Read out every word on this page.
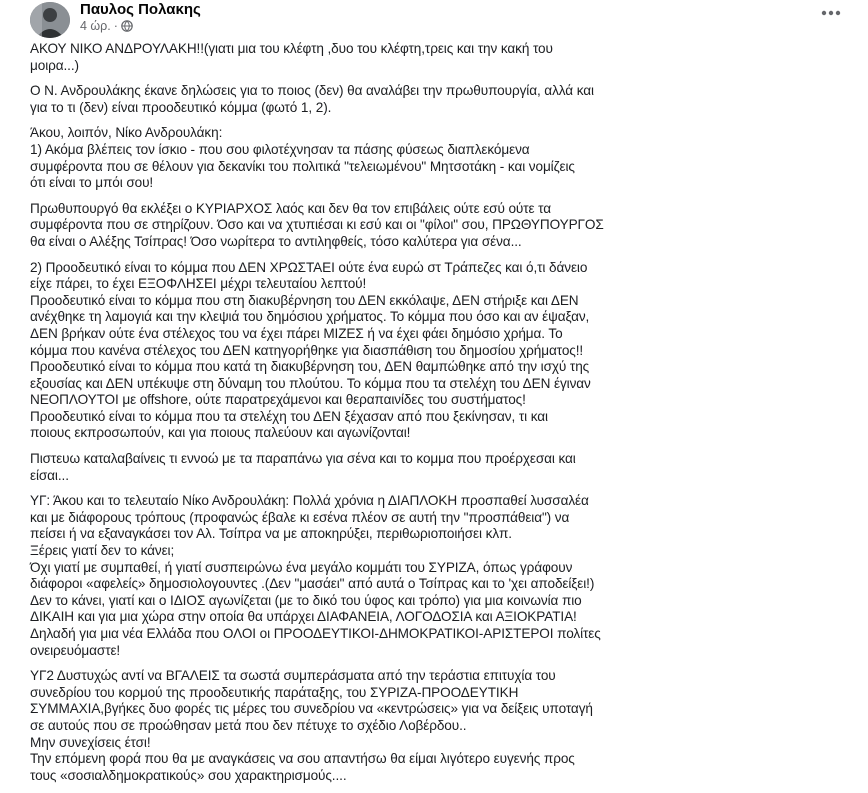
Παυλος Πολακης
4 ώρ. ·

ΑΚΟΥ ΝΙΚΟ ΑΝΔΡΟΥΛΑΚΗ!!(γιατι μια του κλέφτη ,δυο του κλέφτη,τρεις και την κακή του
μοιρα...)

Ο Ν. Ανδρουλάκης έκανε δηλώσεις για το ποιος (δεν) θα αναλάβει την πρωθυπουργία, αλλά και
για το τι (δεν) είναι προοδευτικό κόμμα (φωτό 1, 2).

Άκου, λοιπόν, Νίκο Ανδρουλάκη:
1) Ακόμα βλέπεις τον ίσκιο - που σου φιλοτέχνησαν τα πάσης φύσεως διαπλεκόμενα
συμφέροντα που σε θέλουν για δεκανίκι του πολιτικά "τελειωμένου" Μητσοτάκη - και νομίζεις
ότι είναι το μπόι σου!

Πρωθυπουργό θα εκλέξει ο ΚΥΡΙΑΡΧΟΣ λαός και δεν θα τον επιβάλεις ούτε εσύ ούτε τα
συμφέροντα που σε στηρίζουν. Όσο και να χτυπιέσαι κι εσύ και οι "φίλοι" σου, ΠΡΩΘΥΠΟΥΡΓΟΣ
θα είναι ο Αλέξης Τσίπρας! Όσο νωρίτερα το αντιληφθείς, τόσο καλύτερα για σένα...

2) Προοδευτικό είναι το κόμμα που ΔΕΝ ΧΡΩΣΤΑΕΙ ούτε ένα ευρώ στ Τράπεζες και ό,τι δάνειο
είχε πάρει, το έχει ΕΞΟΦΛΗΣΕΙ μέχρι τελευταίου λεπτού!
Προοδευτικό είναι το κόμμα που στη διακυβέρνηση του ΔΕΝ εκκόλαψε, ΔΕΝ στήριξε και ΔΕΝ
ανέχθηκε τη λαμογιά και την κλεψιά του δημόσιου χρήματος. Το κόμμα που όσο και αν έψαξαν,
ΔΕΝ βρήκαν ούτε ένα στέλεχος του να έχει πάρει ΜΙΖΕΣ ή να έχει φάει δημόσιο χρήμα. Το
κόμμα που κανένα στέλεχος του ΔΕΝ κατηγορήθηκε για διασπάθιση του δημοσίου χρήματος!!
Προοδευτικό είναι το κόμμα που κατά τη διακυβέρνηση του, ΔΕΝ θαμπώθηκε από την ισχύ της
εξουσίας και ΔΕΝ υπέκυψε στη δύναμη του πλούτου. Το κόμμα που τα στελέχη του ΔΕΝ έγιναν
ΝΕΟΠΛΟΥΤΟΙ με offshore, ούτε παρατρεχάμενοι και θεραπαινίδες του συστήματος!
Προοδευτικό είναι το κόμμα που τα στελέχη του ΔΕΝ ξέχασαν από που ξεκίνησαν, τι και
ποιους εκπροσωπούν, και για ποιους παλεύουν και αγωνίζονται!

Πιστευω καταλαβαίνεις τι εννοώ με τα παραπάνω για σένα και το κομμα που προέρχεσαι και
είσαι...

ΥΓ: Άκου και το τελευταίο Νίκο Ανδρουλάκη: Πολλά χρόνια η ΔΙΑΠΛΟΚΗ προσπαθεί λυσσαλέα
και με διάφορους τρόπους (προφανώς έβαλε κι εσένα πλέον σε αυτή την "προσπάθεια") να
πείσει ή να εξαναγκάσει τον Αλ. Τσίπρα να με αποκηρύξει, περιθωριοποιήσει κλπ.
Ξέρεις γιατί δεν το κάνει;
Όχι γιατί με συμπαθεί, ή γιατί συσπειρώνω ένα μεγάλο κομμάτι του ΣΥΡΙΖΑ, όπως γράφουν
διάφοροι «αφελείς» δημοσιολογουντες .(Δεν "μασάει" από αυτά ο Τσίπρας και το 'χει αποδείξει!)
Δεν το κάνει, γιατί και ο ΙΔΙΟΣ αγωνίζεται (με το δικό του ύφος και τρόπο) για μια κοινωνία πιο
ΔΙΚΑΙΗ και για μια χώρα στην οποία θα υπάρχει ΔΙΑΦΑΝΕΙΑ, ΛΟΓΟΔΟΣΙΑ και ΑΞΙΟΚΡΑΤΙΑ!
Δηλαδή για μια νέα Ελλάδα που ΟΛΟΙ οι ΠΡΟΟΔΕΥΤΙΚΟΙ-ΔΗΜΟΚΡΑΤΙΚΟΙ-ΑΡΙΣΤΕΡΟΙ πολίτες
ονειρευόμαστε!

ΥΓ2 Δυστυχώς αντί να ΒΓΑΛΕΙΣ τα σωστά συμπεράσματα από την τεράστια επιτυχία του
συνεδρίου του κορμού της προοδευτικής παράταξης, του ΣΥΡΙΖΑ-ΠΡΟΟΔΕΥΤΙΚΗ
ΣΥΜΜΑΧΙΑ,βγήκες δυο φορές τις μέρες του συνεδρίου να «κεντρώσεις» για να δείξεις υποταγή
σε αυτούς που σε προώθησαν μετά που δεν πέτυχε το σχέδιο Λοβέρδου..
Μην συνεχίσεις έτσι!
Την επόμενη φορά που θα με αναγκάσεις να σου απαντήσω θα είμαι λιγότερο ευγενής προς
τους «σοσιαλδημοκρατικούς» σου χαρακτηρισμούς....
